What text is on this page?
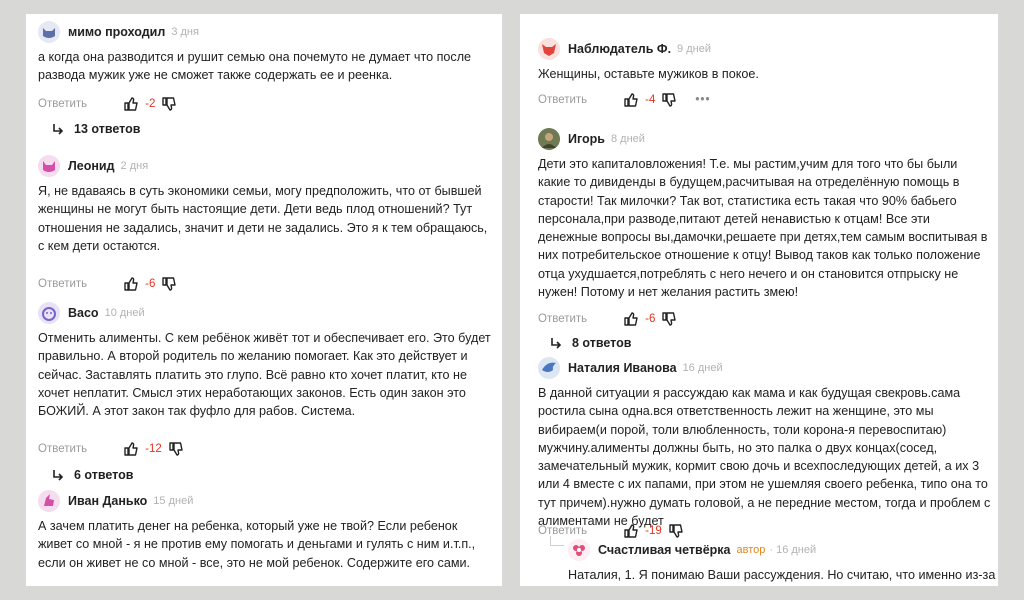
мимо проходил 3 дня
а когда она разводится и рушит семью она почемуто не думает что после развода мужик уже не сможет также содержать ее и реенка.
Ответить	-2
13 ответов
Леонид 2 дня
Я, не вдаваясь в суть экономики семьи, могу предположить, что от бывшей женщины не могут быть настоящие дети. Дети ведь плод отношений? Тут отношения не задались, значит и дети не задались. Это я к тем обращаюсь, с кем дети остаются.
Ответить	-6
Васо 10 дней
Отменить алименты. С кем ребёнок живёт тот и обеспечивает его. Это будет правильно. А второй родитель по желанию помогает. Как это действует и сейчас. Заставлять платить это глупо. Всё равно кто хочет платит, кто не хочет неплатит. Смысл этих неработающих законов. Есть один закон это БОЖИЙ. А этот закон так фуфло для рабов. Система.
Ответить	-12
6 ответов
Иван Данько 15 дней
А зачем платить денег на ребенка, который уже не твой? Если ребенок живет со мной - я не против ему помогать и деньгами и гулять с ним и.т.п., если он живет не со мной - все, это не мой ребенок. Содержите его сами.
Наблюдатель Ф. 9 дней
Женщины, оставьте мужиков в покое.
Ответить	-4	•••
Игорь 8 дней
Дети это капиталовложения! Т.е. мы растим,учим для того что бы были какие то дивиденды в будущем,расчитывая на отределённую помощь в старости! Так милочки? Так вот, статистика есть такая что 90% бабьего персонала,при разводе,питают детей ненавистью к отцам! Все эти денежные вопросы вы,дамочки,решаете при детях,тем самым воспитывая в них потребительское отношение к отцу! Вывод таков как только положение отца ухудшается,потреблять с него нечего и он становится отпрыску не нужен! Потому и нет желания растить змею!
Ответить	-6
8 ответов
Наталия Иванова 16 дней
В данной ситуации я рассуждаю как мама и как будущая свекровь.сама ростила сына одна.вся ответственность лежит на женщине, это мы вибираем(и порой, толи влюбленность, толи корона-я перевоспитаю) мужчину.алименты должны быть, но это палка о двух концах(сосед, замечательный мужик, кормит свою дочь и всехпоследующих детей, а их 3 или 4 вместе с их папами, при этом не ушемляя своего ребенка, типо она то тут причем).нужно думать головой, а не передние местом, тогда и проблем с алиментами не будет
Ответить	-19
Счастливая четвёрка автор · 16 дней
Наталия, 1. Я понимаю Ваши рассуждения. Но считаю, что именно из-за
